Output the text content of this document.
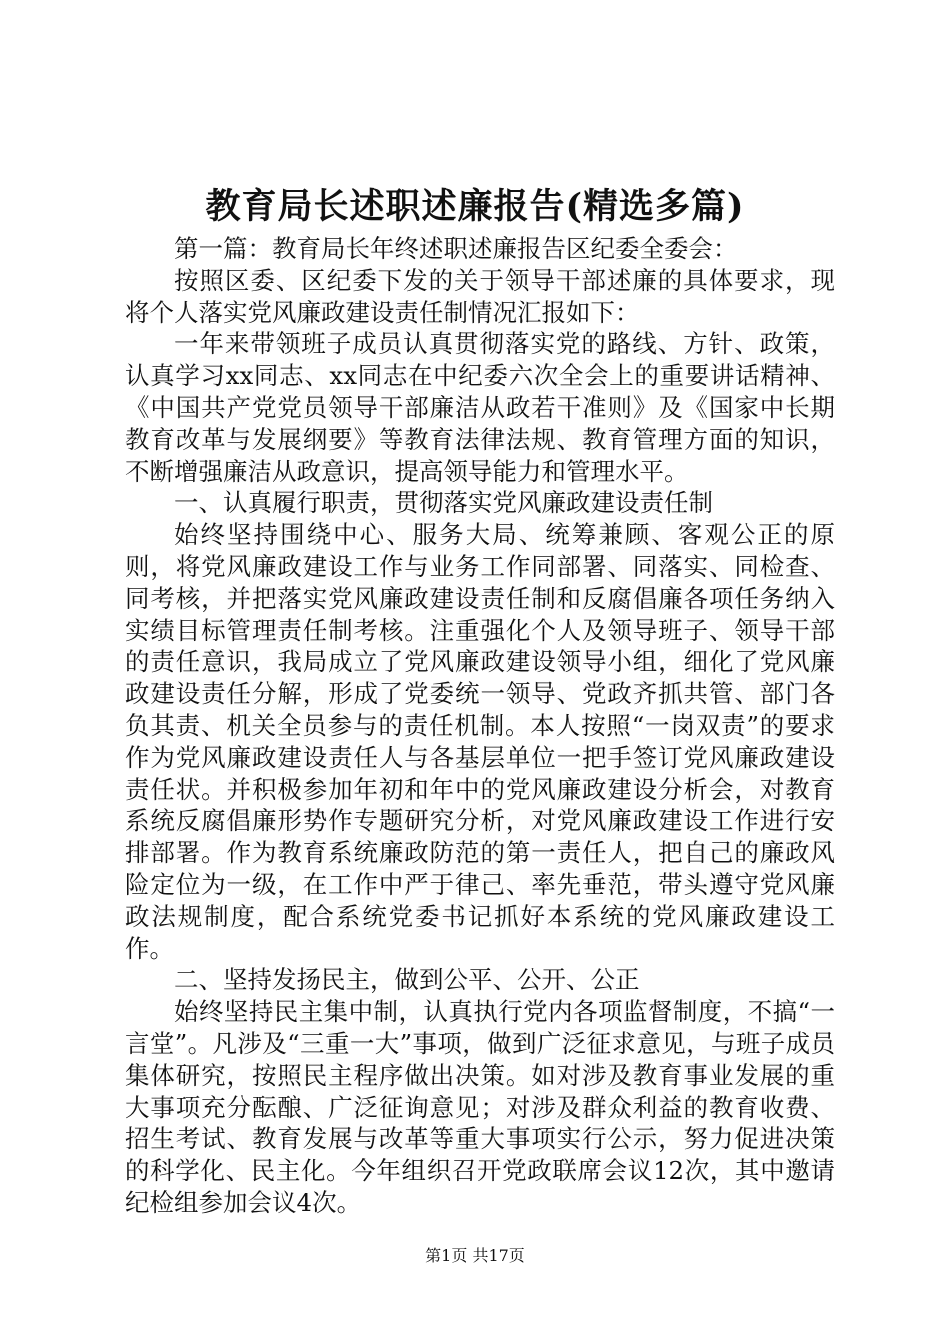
教育局长述职述廉报告(精选多篇)

第一篇：教育局长年终述职述廉报告区纪委全委会：

按照区委、区纪委下发的关于领导干部述廉的具体要求，现将个人落实党风廉政建设责任制情况汇报如下：

一年来带领班子成员认真贯彻落实党的路线、方针、政策，认真学习xx同志、xx同志在中纪委六次全会上的重要讲话精神、《中国共产党党员领导干部廉洁从政若干准则》及《国家中长期教育改革与发展纲要》等教育法律法规、教育管理方面的知识，不断增强廉洁从政意识，提高领导能力和管理水平。

一、认真履行职责，贯彻落实党风廉政建设责任制

始终坚持围绕中心、服务大局、统筹兼顾、客观公正的原则，将党风廉政建设工作与业务工作同部署、同落实、同检查、同考核，并把落实党风廉政建设责任制和反腐倡廉各项任务纳入实绩目标管理责任制考核。注重强化个人及领导班子、领导干部的责任意识，我局成立了党风廉政建设领导小组，细化了党风廉政建设责任分解，形成了党委统一领导、党政齐抓共管、部门各负其责、机关全员参与的责任机制。本人按照“一岗双责”的要求作为党风廉政建设责任人与各基层单位一把手签订党风廉政建设责任状。并积极参加年初和年中的党风廉政建设分析会，对教育系统反腐倡廉形势作专题研究分析，对党风廉政建设工作进行安排部署。作为教育系统廉政防范的第一责任人，把自己的廉政风险定位为一级，在工作中严于律己、率先垂范，带头遵守党风廉政法规制度，配合系统党委书记抓好本系统的党风廉政建设工作。

二、坚持发扬民主，做到公平、公开、公正

始终坚持民主集中制，认真执行党内各项监督制度，不搞“一言堂”。凡涉及“三重一大”事项，做到广泛征求意见，与班子成员集体研究，按照民主程序做出决策。如对涉及教育事业发展的重大事项充分酝酿、广泛征询意见；对涉及群众利益的教育收费、招生考试、教育发展与改革等重大事项实行公示，努力促进决策的科学化、民主化。今年组织召开党政联席会议12次，其中邀请纪检组参加会议4次。

第1页 共17页
